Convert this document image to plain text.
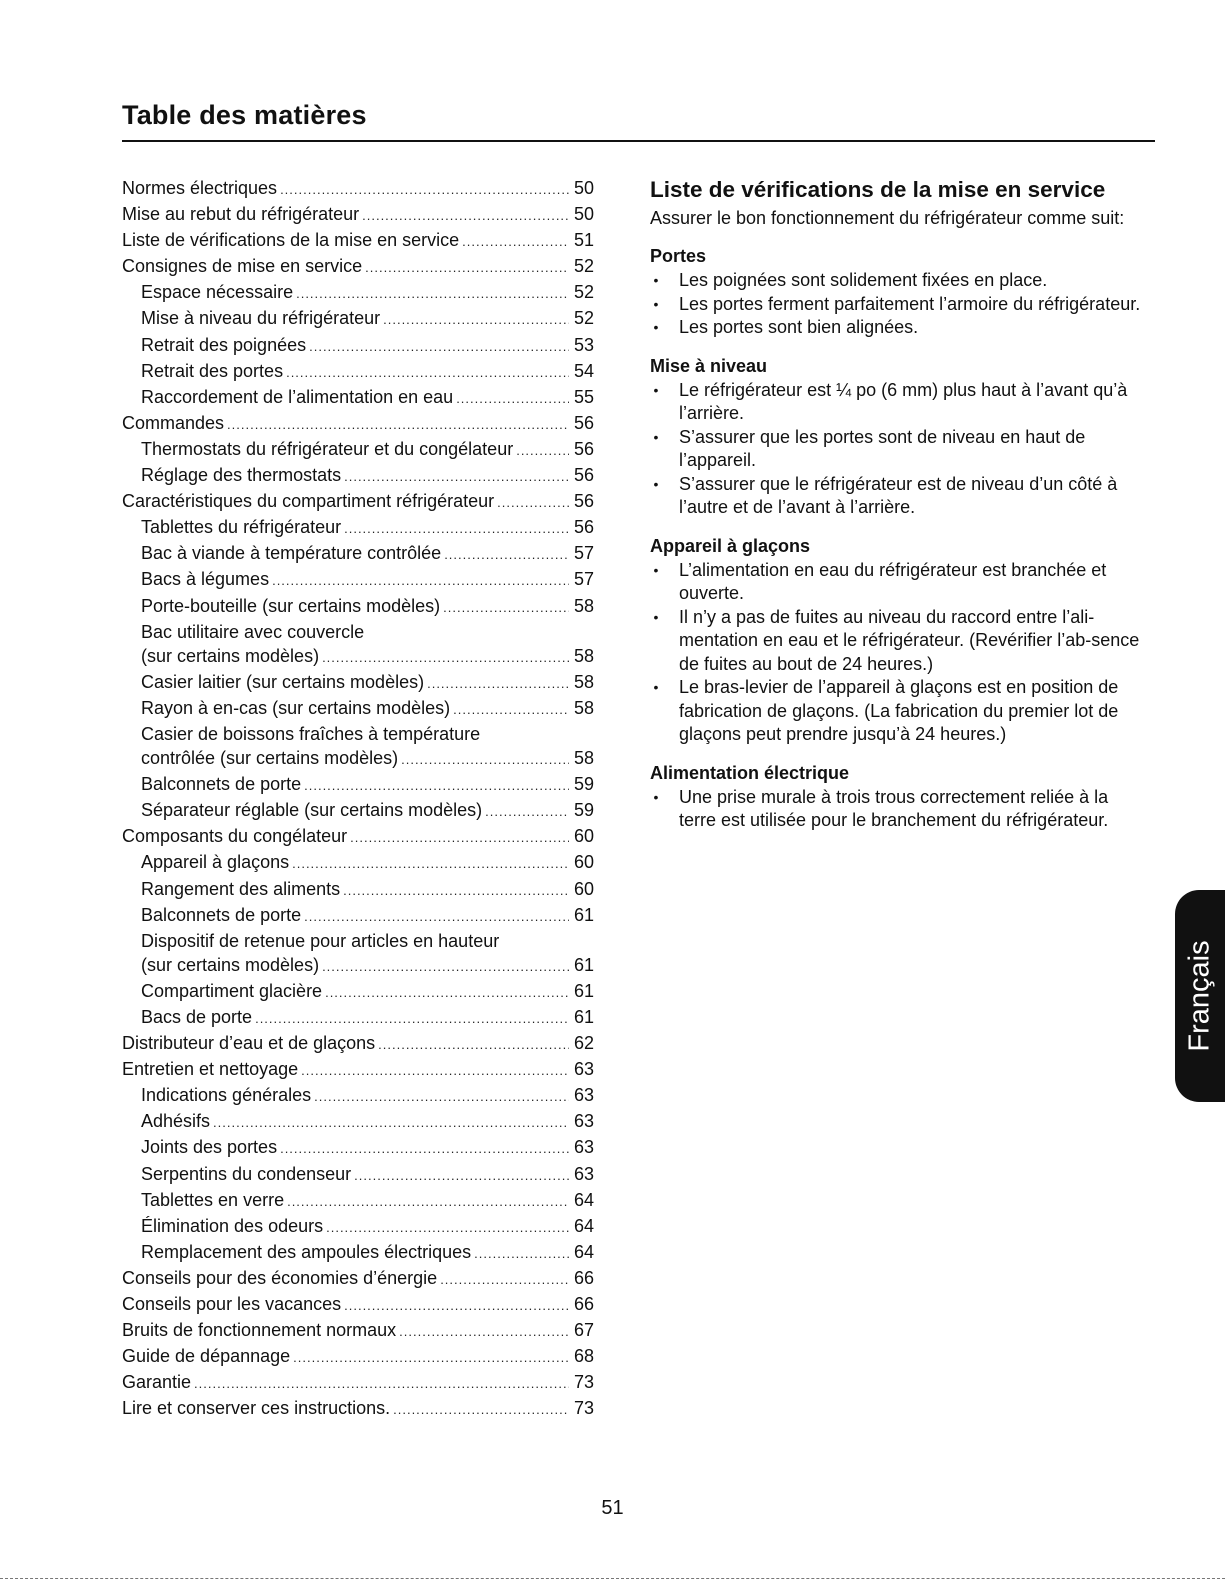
Table des matières
Normes électriques .....	50
Mise au rebut du réfrigérateur .....	50
Liste de vérifications de la mise en service .....	51
Consignes de mise en service .....	52
Espace nécessaire .....	52
Mise à niveau du réfrigérateur .....	52
Retrait des poignées .....	53
Retrait des portes .....	54
Raccordement de l’alimentation en eau .....	55
Commandes .....	56
Thermostats du réfrigérateur et du congélateur .....	56
Réglage des thermostats .....	56
Caractéristiques du compartiment réfrigérateur .....	56
Tablettes du réfrigérateur .....	56
Bac à viande à température contrôlée .....	57
Bacs à légumes .....	57
Porte-bouteille (sur certains modèles) .....	58
Bac utilitaire avec couvercle
(sur certains modèles) .....	58
Casier laitier (sur certains modèles) .....	58
Rayon à en-cas (sur certains modèles) .....	58
Casier de boissons fraîches à température
contrôlée (sur certains modèles) .....	58
Balconnets de porte .....	59
Séparateur réglable (sur certains modèles) .....	59
Composants du congélateur .....	60
Appareil à glaçons .....	60
Rangement des aliments .....	60
Balconnets de porte .....	61
Dispositif de retenue pour articles en hauteur
(sur certains modèles) .....	61
Compartiment glacière .....	61
Bacs de porte .....	61
Distributeur d’eau et de glaçons .....	62
Entretien et nettoyage .....	63
Indications générales .....	63
Adhésifs .....	63
Joints des portes .....	63
Serpentins du condenseur .....	63
Tablettes en verre .....	64
Élimination des odeurs .....	64
Remplacement des ampoules électriques .....	64
Conseils pour des économies d’énergie .....	66
Conseils pour les vacances .....	66
Bruits de fonctionnement normaux .....	67
Guide de dépannage .....	68
Garantie .....	73
Lire et conserver ces instructions. .....	73
Liste de vérifications de la mise en service

Assurer le bon fonctionnement du réfrigérateur comme suit:

Portes
• Les poignées sont solidement fixées en place.
• Les portes ferment parfaitement l’armoire du réfrigérateur.
• Les portes sont bien alignées.
Mise à niveau
• Le réfrigérateur est ¼ po (6 mm) plus haut à l’avant qu’à l’arrière.
• S’assurer que les portes sont de niveau en haut de l’appareil.
• S’assurer que le réfrigérateur est de niveau d’un côté à l’autre et de l’avant à l’arrière.
Appareil à glaçons
• L’alimentation en eau du réfrigérateur est branchée et ouverte.
• Il n’y a pas de fuites au niveau du raccord entre l’ali-mentation en eau et le réfrigérateur. (Revérifier l’ab-sence de fuites au bout de 24 heures.)
• Le bras-levier de l’appareil à glaçons est en position de fabrication de glaçons. (La fabrication du premier lot de glaçons peut prendre jusqu’à 24 heures.)
Alimentation électrique
• Une prise murale à trois trous correctement reliée à la terre est utilisée pour le branchement du réfrigérateur.
Français
51
